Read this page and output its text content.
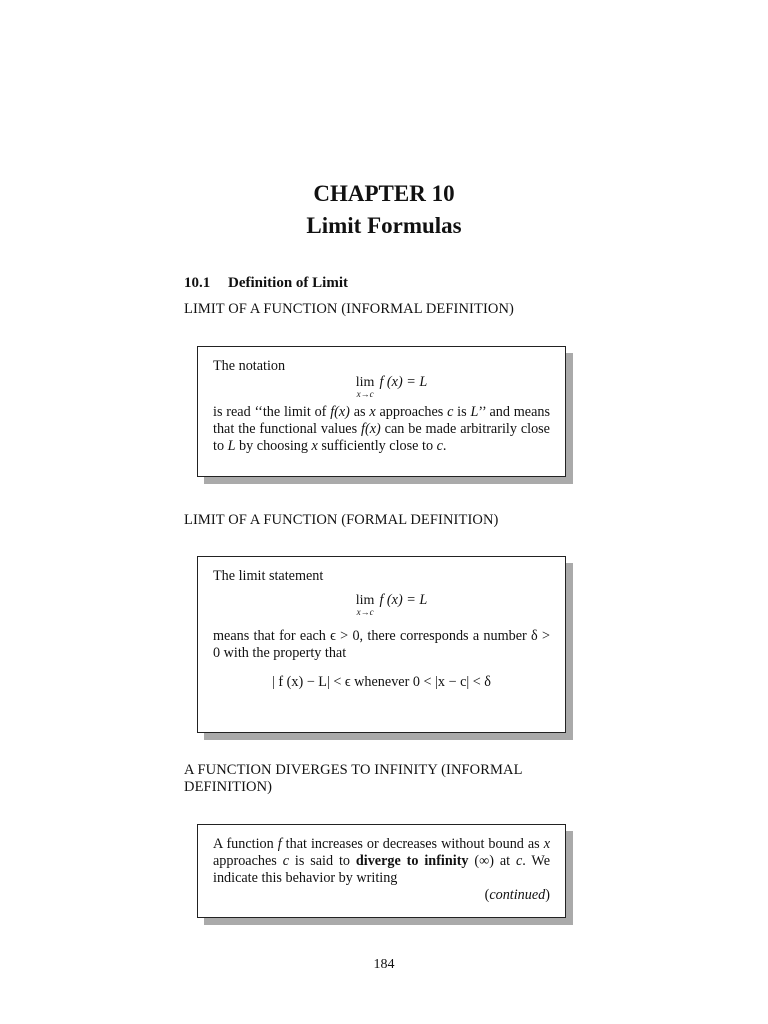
CHAPTER 10
Limit Formulas
10.1 Definition of Limit
LIMIT OF A FUNCTION (INFORMAL DEFINITION)

The notation

lim
x→c
f (x) = L

is read ‘‘the limit of f(x) as x approaches c is L’’ and means that the functional values f(x) can be made arbitrarily close to L by choosing x sufficiently close to c.

LIMIT OF A FUNCTION (FORMAL DEFINITION)

The limit statement

lim
x→c
f (x) = L

means that for each ϵ > 0, there corresponds a number δ > 0 with the property that

| f (x) − L| < ϵ whenever 0 < |x − c| < δ

A FUNCTION DIVERGES TO INFINITY (INFORMAL DEFINITION)

A function f that increases or decreases without bound as x approaches c is said to diverge to infinity (∞) at c. We indicate this behavior by writing

(continued)

184
